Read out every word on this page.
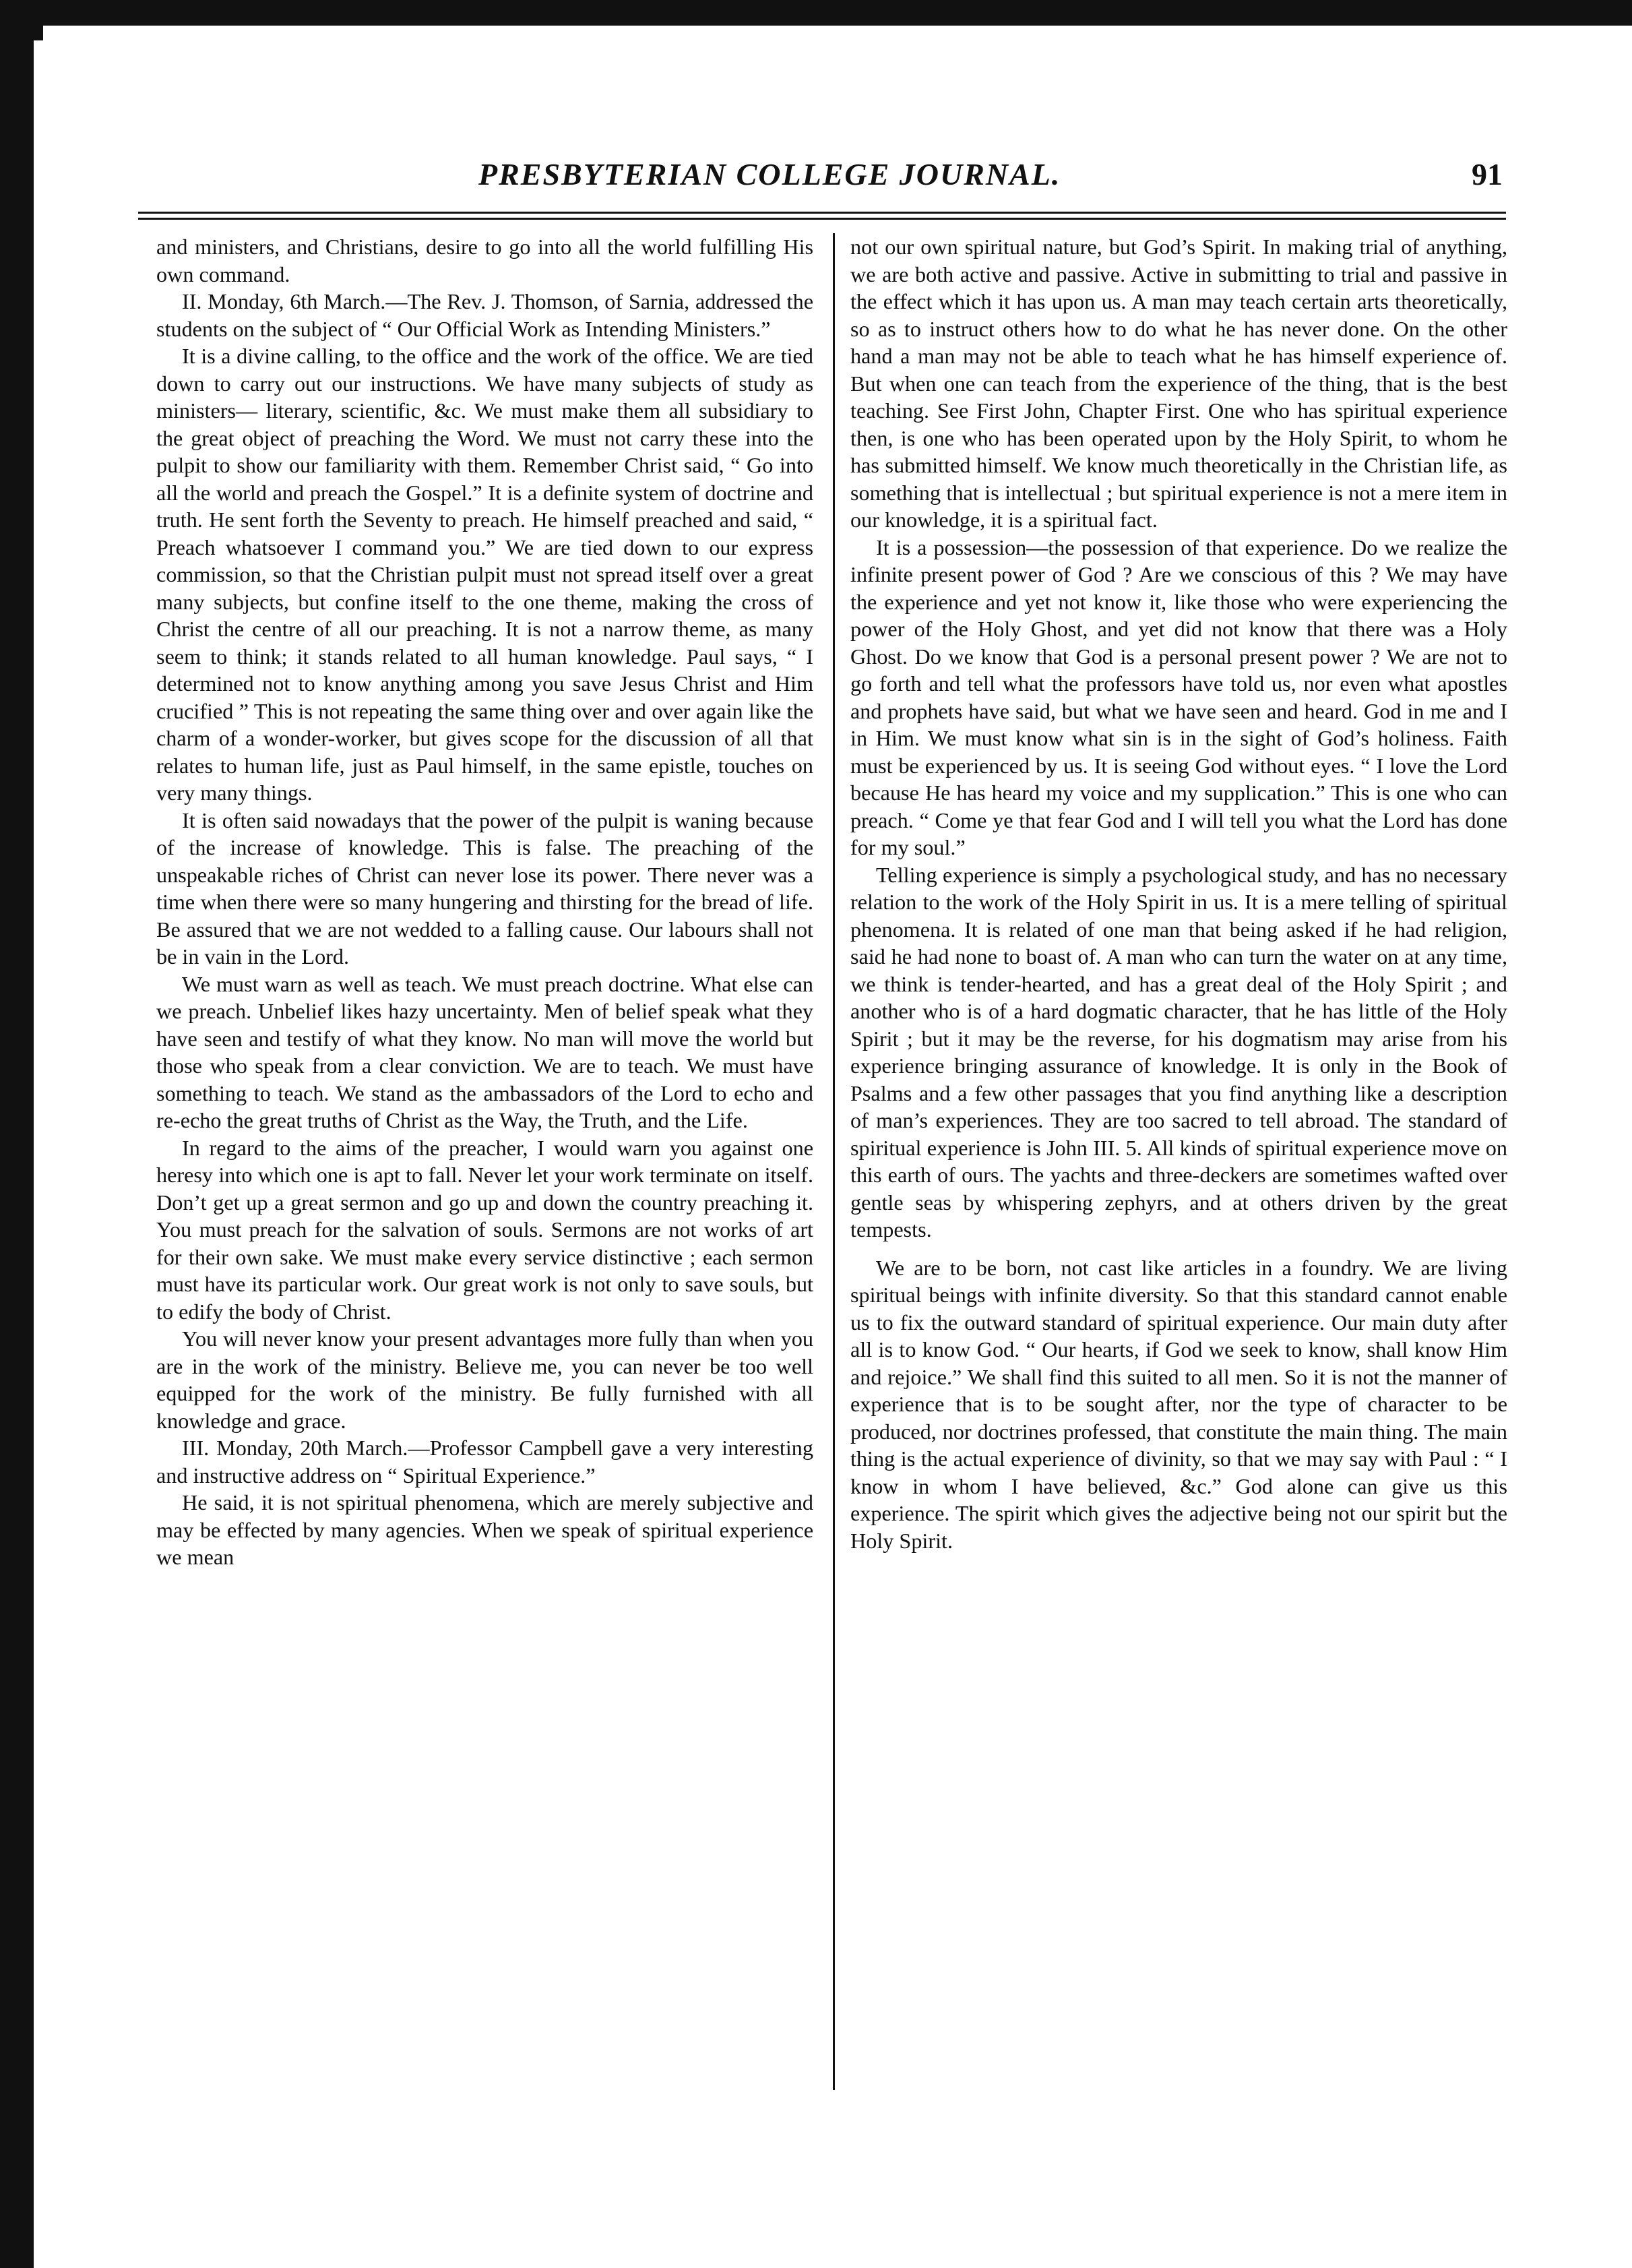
PRESBYTERIAN COLLEGE JOURNAL.	91

and ministers, and Christians, desire to go into all the world fulfilling His own command.

II. Monday, 6th March.—The Rev. J. Thomson, of Sarnia, addressed the students on the subject of “ Our Official Work as Intending Ministers.”

It is a divine calling, to the office and the work of the office. We are tied down to carry out our instructions. We have many subjects of study as ministers— literary, scientific, &c. We must make them all subsidiary to the great object of preaching the Word. We must not carry these into the pulpit to show our familiarity with them. Remember Christ said, “ Go into all the world and preach the Gospel.” It is a definite system of doctrine and truth. He sent forth the Seventy to preach. He himself preached and said, “ Preach whatsoever I command you.” We are tied down to our express commission, so that the Christian pulpit must not spread itself over a great many subjects, but confine itself to the one theme, making the cross of Christ the centre of all our preaching. It is not a narrow theme, as many seem to think; it stands related to all human knowledge. Paul says, “ I determined not to know anything among you save Jesus Christ and Him crucified ” This is not repeating the same thing over and over again like the charm of a wonder-worker, but gives scope for the discussion of all that relates to human life, just as Paul himself, in the same epistle, touches on very many things.

It is often said nowadays that the power of the pulpit is waning because of the increase of knowledge. This is false. The preaching of the unspeakable riches of Christ can never lose its power. There never was a time when there were so many hungering and thirsting for the bread of life. Be assured that we are not wedded to a falling cause. Our labours shall not be in vain in the Lord.

We must warn as well as teach. We must preach doctrine. What else can we preach. Unbelief likes hazy uncertainty. Men of belief speak what they have seen and testify of what they know. No man will move the world but those who speak from a clear conviction. We are to teach. We must have something to teach. We stand as the ambassadors of the Lord to echo and re-echo the great truths of Christ as the Way, the Truth, and the Life.

In regard to the aims of the preacher, I would warn you against one heresy into which one is apt to fall. Never let your work terminate on itself. Don’t get up a great sermon and go up and down the country preaching it. You must preach for the salvation of souls. Sermons are not works of art for their own sake. We must make every service distinctive ; each sermon must have its particular work. Our great work is not only to save souls, but to edify the body of Christ.

You will never know your present advantages more fully than when you are in the work of the ministry. Believe me, you can never be too well equipped for the work of the ministry. Be fully furnished with all knowledge and grace.

III. Monday, 20th March.—Professor Campbell gave a very interesting and instructive address on “ Spiritual Experience.”

He said, it is not spiritual phenomena, which are merely subjective and may be effected by many agencies. When we speak of spiritual experience we mean

not our own spiritual nature, but God’s Spirit. In making trial of anything, we are both active and passive. Active in submitting to trial and passive in the effect which it has upon us. A man may teach certain arts theoretically, so as to instruct others how to do what he has never done. On the other hand a man may not be able to teach what he has himself experience of. But when one can teach from the experience of the thing, that is the best teaching. See First John, Chapter First. One who has spiritual experience then, is one who has been operated upon by the Holy Spirit, to whom he has submitted himself. We know much theoretically in the Christian life, as something that is intellectual ; but spiritual experience is not a mere item in our knowledge, it is a spiritual fact.

It is a possession—the possession of that experience. Do we realize the infinite present power of God ? Are we conscious of this ? We may have the experience and yet not know it, like those who were experiencing the power of the Holy Ghost, and yet did not know that there was a Holy Ghost. Do we know that God is a personal present power ? We are not to go forth and tell what the professors have told us, nor even what apostles and prophets have said, but what we have seen and heard. God in me and I in Him. We must know what sin is in the sight of God’s holiness. Faith must be experienced by us. It is seeing God without eyes. “ I love the Lord because He has heard my voice and my supplication.” This is one who can preach. “ Come ye that fear God and I will tell you what the Lord has done for my soul.”

Telling experience is simply a psychological study, and has no necessary relation to the work of the Holy Spirit in us. It is a mere telling of spiritual phenomena. It is related of one man that being asked if he had religion, said he had none to boast of. A man who can turn the water on at any time, we think is tender-hearted, and has a great deal of the Holy Spirit ; and another who is of a hard dogmatic character, that he has little of the Holy Spirit ; but it may be the reverse, for his dogmatism may arise from his experience bringing assurance of knowledge. It is only in the Book of Psalms and a few other passages that you find anything like a description of man’s experiences. They are too sacred to tell abroad. The standard of spiritual experience is John III. 5. All kinds of spiritual experience move on this earth of ours. The yachts and three-deckers are sometimes wafted over gentle seas by whispering zephyrs, and at others driven by the great tempests.

We are to be born, not cast like articles in a foundry. We are living spiritual beings with infinite diversity. So that this standard cannot enable us to fix the outward standard of spiritual experience. Our main duty after all is to know God. “ Our hearts, if God we seek to know, shall know Him and rejoice.” We shall find this suited to all men. So it is not the manner of experience that is to be sought after, nor the type of character to be produced, nor doctrines professed, that constitute the main thing. The main thing is the actual experience of divinity, so that we may say with Paul : “ I know in whom I have believed, &c.” God alone can give us this experience. The spirit which gives the adjective being not our spirit but the Holy Spirit.
